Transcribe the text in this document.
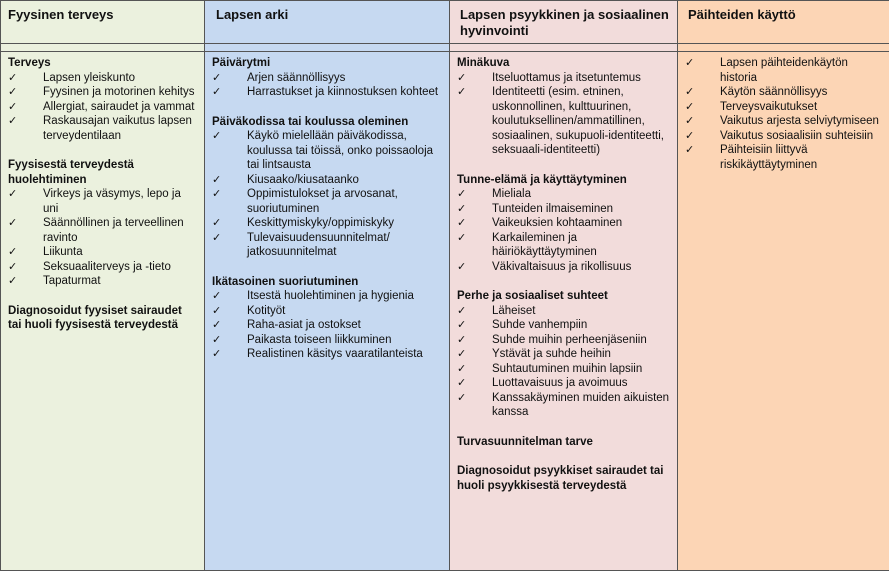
Fyysinen terveys
Terveys
✓	Lapsen yleiskunto
✓	Fyysinen ja motorinen kehitys
✓	Allergiat, sairaudet ja vammat
✓	Raskausajan vaikutus lapsen terveydentilaan
Fyysisestä terveydestä huolehtiminen
✓	Virkeys ja väsymys, lepo ja uni
✓	Säännöllinen ja terveellinen ravinto
✓	Liikunta
✓	Seksuaaliterveys ja -tieto
✓	Tapaturmat
Diagnosoidut fyysiset sairaudet tai huoli fyysisestä terveydestä
Lapsen arki
Päivärytmi
✓	Arjen säännöllisyys
✓	Harrastukset ja kiinnostuksen kohteet
Päiväkodissa tai koulussa oleminen
✓	Käykö mielellään päiväkodissa, koulussa tai töissä, onko poissaoloja tai lintsausta
✓	Kiusaako/kiusataanko
✓	Oppimistulokset ja arvosanat, suoriutuminen
✓	Keskittymiskyky/oppimiskyky
✓	Tulevaisuudensuunnitelmat/ jatkosuunnitelmat
Ikätasoinen suoriutuminen
✓	Itsestä huolehtiminen ja hygienia
✓	Kotityöt
✓	Raha-asiat ja ostokset
✓	Paikasta toiseen liikkuminen
✓	Realistinen käsitys vaaratilanteista
Lapsen psyykkinen ja sosiaalinen hyvinvointi
Minäkuva
✓	Itseluottamus ja itsetuntemus
✓	Identiteetti (esim. etninen, uskonnollinen, kulttuurinen, koulutuksellinen/ammatillinen, sosiaalinen, sukupuoli-identiteetti, seksuaali-identiteetti)
Tunne-elämä ja käyttäytyminen
✓	Mieliala
✓	Tunteiden ilmaiseminen
✓	Vaikeuksien kohtaaminen
✓	Karkaileminen ja häiriökäyttäytyminen
✓	Väkivaltaisuus ja rikollisuus
Perhe ja sosiaaliset suhteet
✓	Läheiset
✓	Suhde vanhempiin
✓	Suhde muihin perheenjäseniin
✓	Ystävät ja suhde heihin
✓	Suhtautuminen muihin lapsiin
✓	Luottavaisuus ja avoimuus
✓	Kanssakäyminen muiden aikuisten kanssa
Turvasuunnitelman tarve
Diagnosoidut psyykkiset sairaudet tai huoli psyykkisestä terveydestä
Päihteiden käyttö
✓	Lapsen päihteidenkäytön historia
✓	Käytön säännöllisyys
✓	Terveysvaikutukset
✓	Vaikutus arjesta selviytymiseen
✓	Vaikutus sosiaalisiin suhteisiin
✓	Päihteisiin liittyvä riskikäyttäytyminen
